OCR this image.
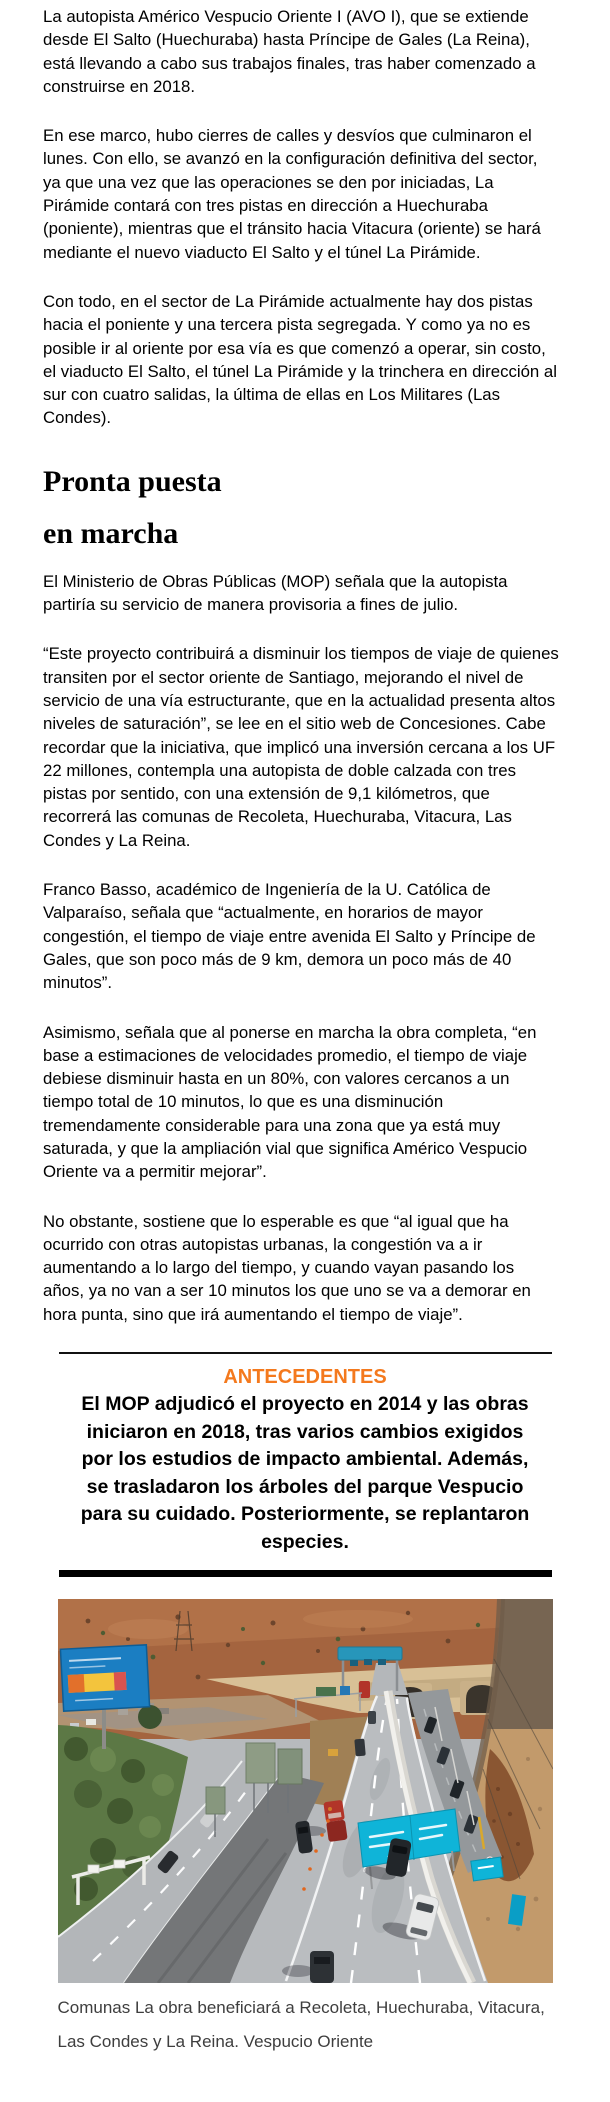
La autopista Américo Vespucio Oriente I (AVO I), que se extiende desde El Salto (Huechuraba) hasta Príncipe de Gales (La Reina), está llevando a cabo sus trabajos finales, tras haber comenzado a construirse en 2018.

En ese marco, hubo cierres de calles y desvíos que culminaron el lunes. Con ello, se avanzó en la configuración definitiva del sector, ya que una vez que las operaciones se den por iniciadas, La Pirámide contará con tres pistas en dirección a Huechuraba (poniente), mientras que el tránsito hacia Vitacura (oriente) se hará mediante el nuevo viaducto El Salto y el túnel La Pirámide.

Con todo, en el sector de La Pirámide actualmente hay dos pistas hacia el poniente y una tercera pista segregada. Y como ya no es posible ir al oriente por esa vía es que comenzó a operar, sin costo, el viaducto El Salto, el túnel La Pirámide y la trinchera en dirección al sur con cuatro salidas, la última de ellas en Los Militares (Las Condes).

Pronta puesta
en marcha

El Ministerio de Obras Públicas (MOP) señala que la autopista partiría su servicio de manera provisoria a fines de julio.

“Este proyecto contribuirá a disminuir los tiempos de viaje de quienes transiten por el sector oriente de Santiago, mejorando el nivel de servicio de una vía estructurante, que en la actualidad presenta altos niveles de saturación”, se lee en el sitio web de Concesiones. Cabe recordar que la iniciativa, que implicó una inversión cercana a los UF 22 millones, contempla una autopista de doble calzada con tres pistas por sentido, con una extensión de 9,1 kilómetros, que recorrerá las comunas de Recoleta, Huechuraba, Vitacura, Las Condes y La Reina.

Franco Basso, académico de Ingeniería de la U. Católica de Valparaíso, señala que “actualmente, en horarios de mayor congestión, el tiempo de viaje entre avenida El Salto y Príncipe de Gales, que son poco más de 9 km, demora un poco más de 40 minutos”.

Asimismo, señala que al ponerse en marcha la obra completa, “en base a estimaciones de velocidades promedio, el tiempo de viaje debiese disminuir hasta en un 80%, con valores cercanos a un tiempo total de 10 minutos, lo que es una disminución tremendamente considerable para una zona que ya está muy saturada, y que la ampliación vial que significa Américo Vespucio Oriente va a permitir mejorar”.

No obstante, sostiene que lo esperable es que “al igual que ha ocurrido con otras autopistas urbanas, la congestión va a ir aumentando a lo largo del tiempo, y cuando vayan pasando los años, ya no van a ser 10 minutos los que uno se va a demorar en hora punta, sino que irá aumentando el tiempo de viaje”.

ANTECEDENTES
El MOP adjudicó el proyecto en 2014 y las obras iniciaron en 2018, tras varios cambios exigidos por los estudios de impacto ambiental. Además, se trasladaron los árboles del parque Vespucio para su cuidado. Posteriormente, se replantaron especies.
Comunas La obra beneficiará a Recoleta, Huechuraba, Vitacura, Las Condes y La Reina. Vespucio Oriente
